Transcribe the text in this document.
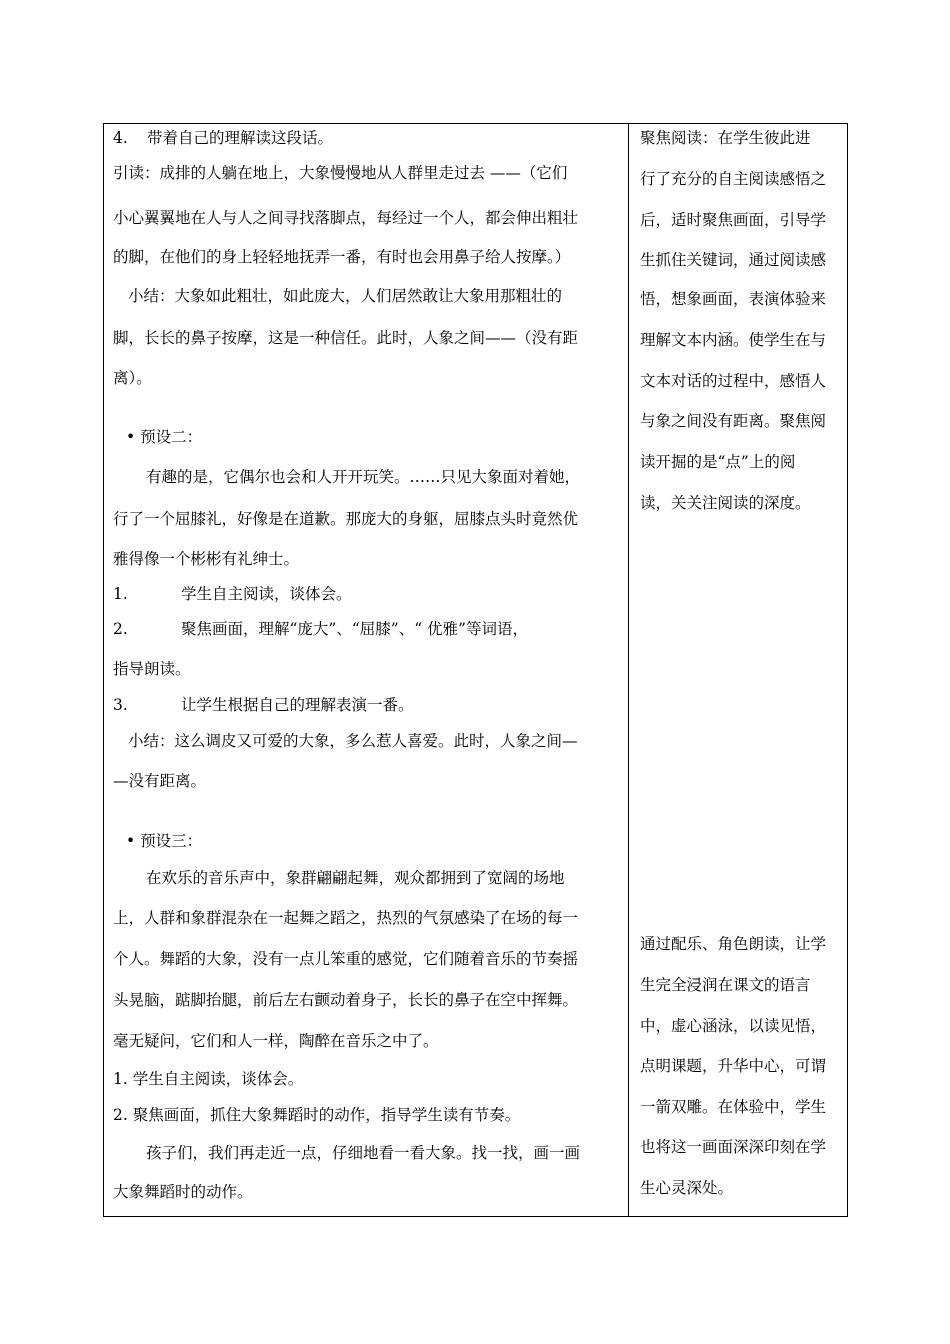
4. 带着自己的理解读这段话。
引读：成排的人躺在地上，大象慢慢地从人群里走过去 ——（它们
小心翼翼地在人与人之间寻找落脚点，每经过一个人，都会伸出粗壮
的脚，在他们的身上轻轻地抚弄一番，有时也会用鼻子给人按摩。）
小结：大象如此粗壮，如此庞大，人们居然敢让大象用那粗壮的
脚，长长的鼻子按摩，这是一种信任。此时，人象之间——（没有距
离）。
• 预设二：
有趣的是，它偶尔也会和人开开玩笑。……只见大象面对着她，
行了一个屈膝礼，好像是在道歉。那庞大的身躯，屈膝点头时竟然优
雅得像一个彬彬有礼绅士。
1.	学生自主阅读，谈体会。
2.	聚焦画面，理解“庞大”、“屈膝”、“ 优雅”等词语，
指导朗读。
3.	让学生根据自己的理解表演一番。
小结：这么调皮又可爱的大象，多么惹人喜爱。此时，人象之间—
—没有距离。
• 预设三：
在欢乐的音乐声中，象群翩翩起舞，观众都拥到了宽阔的场地
上，人群和象群混杂在一起舞之蹈之，热烈的气氛感染了在场的每一
个人。舞蹈的大象，没有一点儿笨重的感觉，它们随着音乐的节奏摇
头晃脑，踮脚抬腿，前后左右颤动着身子，长长的鼻子在空中挥舞。
毫无疑问，它们和人一样，陶醉在音乐之中了。
1. 学生自主阅读，谈体会。
2. 聚焦画面，抓住大象舞蹈时的动作，指导学生读有节奏。
孩子们，我们再走近一点，仔细地看一看大象。找一找，画一画
大象舞蹈时的动作。
聚焦阅读：在学生彼此进
行了充分的自主阅读感悟之
后，适时聚焦画面，引导学
生抓住关键词，通过阅读感
悟，想象画面，表演体验来
理解文本内涵。使学生在与
文本对话的过程中，感悟人
与象之间没有距离。聚焦阅
读开掘的是“点”上的阅
读，关关注阅读的深度。
通过配乐、角色朗读，让学
生完全浸润在课文的语言
中，虚心涵泳，以读见悟，
点明课题，升华中心，可谓
一箭双雕。在体验中，学生
也将这一画面深深印刻在学
生心灵深处。
